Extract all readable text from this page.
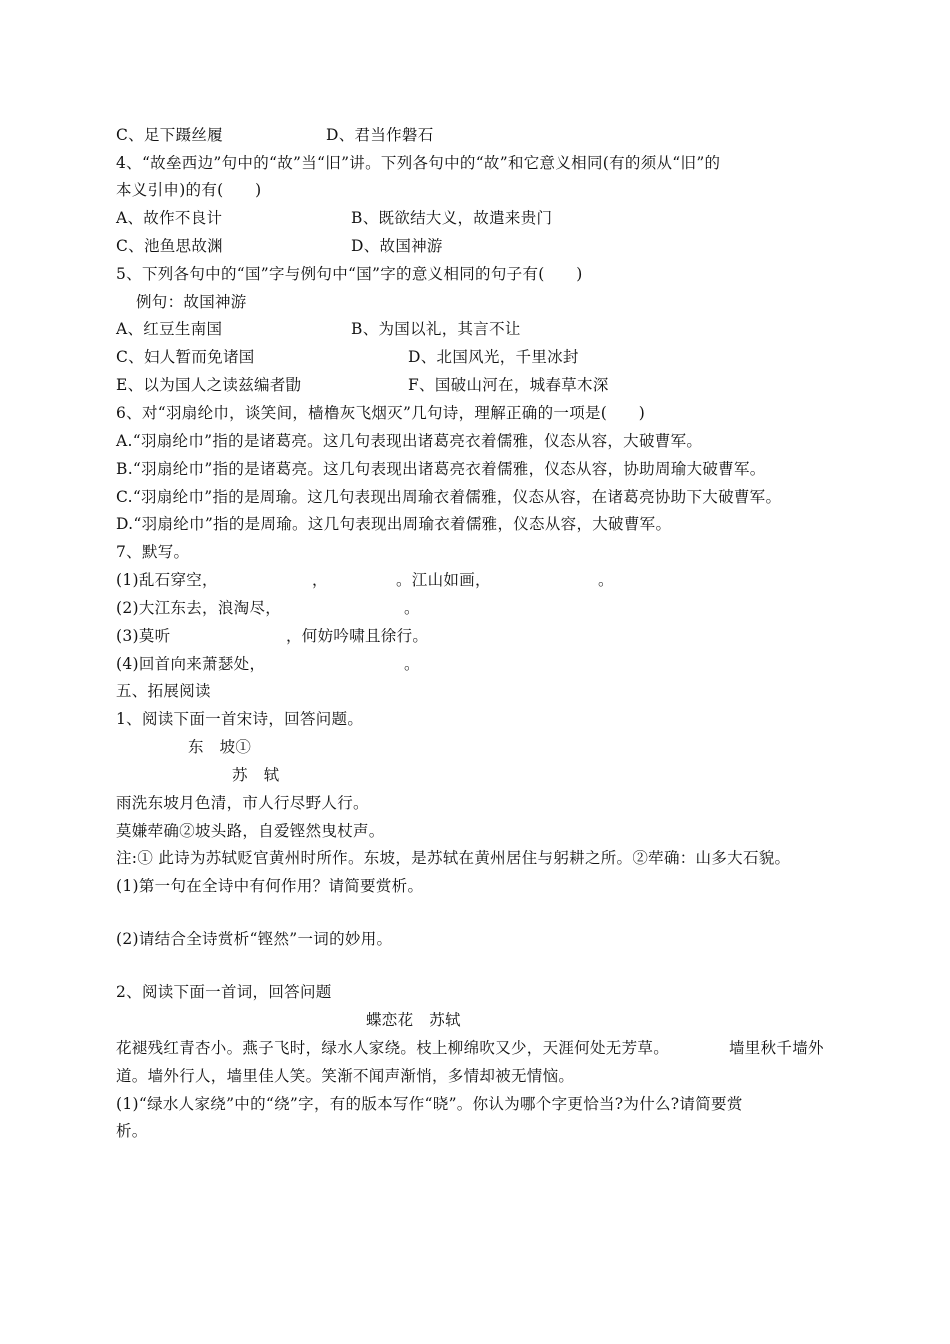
C、足下蹑丝履

	D、君当作磐石

4、“故垒西边”句中的“故”当“旧”讲。下列各句中的“故”和它意义相同(有的须从“旧”的
本义引申)的有(　　)

A、故作不良计

	B、既欲结大义，故遣来贵门

C、池鱼思故渊

	D、故国神游

5、下列各句中的“国”字与例句中“国”字的意义相同的句子有(　　)
例句：故国神游

A、红豆生南国

	B、为国以礼，其言不让

C、妇人暂而免诸国

	D、北国风光，千里冰封

E、以为国人之读兹编者勖

	F、国破山河在，城春草木深

6、对“羽扇纶巾，谈笑间，樯橹灰飞烟灭”几句诗，理解正确的一项是(　　)
A.“羽扇纶巾”指的是诸葛亮。这几句表现出诸葛亮衣着儒雅，仪态从容，大破曹军。
B.“羽扇纶巾”指的是诸葛亮。这几句表现出诸葛亮衣着儒雅，仪态从容，协助周瑜大破曹军。
C.“羽扇纶巾”指的是周瑜。这几句表现出周瑜衣着儒雅，仪态从容，在诸葛亮协助下大破曹军。
D.“羽扇纶巾”指的是周瑜。这几句表现出周瑜衣着儒雅，仪态从容，大破曹军。
7、默写。

(1)乱石穿空，

	，

	。江山如画，

	。

(2)大江东去，浪淘尽，

	。

(3)莫听

	，何妨吟啸且徐行。

(4)回首向来萧瑟处，

	。

五、拓展阅读
1、阅读下面一首宋诗，回答问题。
东　坡①
苏　轼
雨洗东坡月色清，市人行尽野人行。
莫嫌荦确②坡头路，自爱铿然曳杖声。
注:① 此诗为苏轼贬官黄州时所作。东坡，是苏轼在黄州居住与躬耕之所。②荦确：山多大石貌。
(1)第一句在全诗中有何作用？请简要赏析。
(2)请结合全诗赏析“铿然”一词的妙用。
2、阅读下面一首词，回答问题
蝶恋花　苏轼

花褪残红青杏小。燕子飞时，绿水人家绕。枝上柳绵吹又少，天涯何处无芳草。

	墙里秋千墙外

道。墙外行人，墙里佳人笑。笑渐不闻声渐悄，多情却被无情恼。
(1)“绿水人家绕”中的“绕”字，有的版本写作“晓”。你认为哪个字更恰当?为什么?请简要赏
析。
